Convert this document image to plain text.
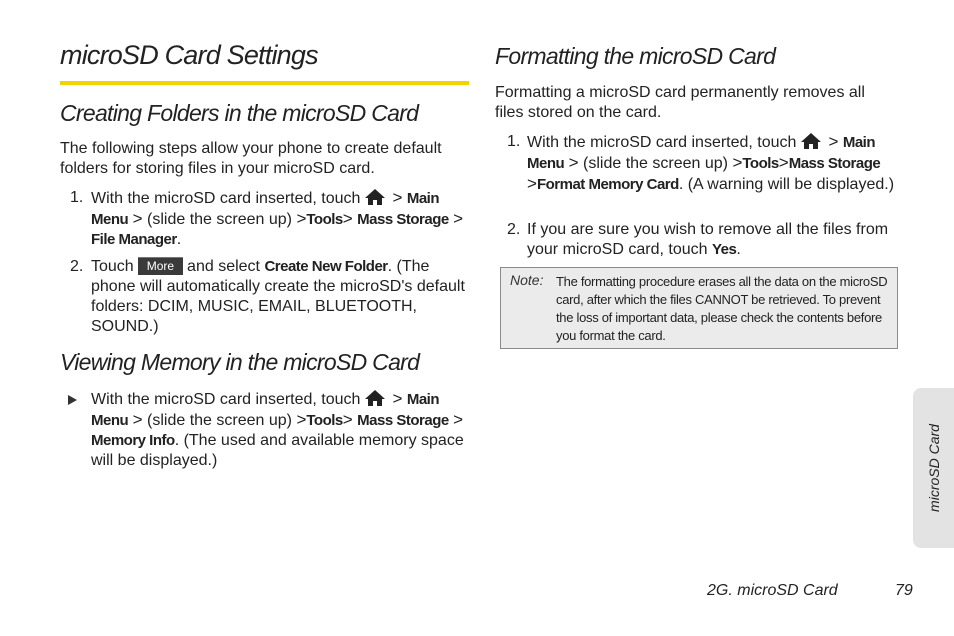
microSD Card Settings
Creating Folders in the microSD Card
The following steps allow your phone to create default folders for storing files in your microSD card.
1. With the microSD card inserted, touch > Main Menu > (slide the screen up) >Tools> Mass Storage > File Manager.
2. Touch More and select Create New Folder. (The phone will automatically create the microSD's default folders: DCIM, MUSIC, EMAIL, BLUETOOTH, SOUND.)
Viewing Memory in the microSD Card
With the microSD card inserted, touch > Main Menu > (slide the screen up) >Tools> Mass Storage > Memory Info. (The used and available memory space will be displayed.)
Formatting the microSD Card
Formatting a microSD card permanently removes all files stored on the card.
1. With the microSD card inserted, touch > Main Menu > (slide the screen up) >Tools>Mass Storage >Format Memory Card. (A warning will be displayed.)
2. If you are sure you wish to remove all the files from your microSD card, touch Yes.
Note: The formatting procedure erases all the data on the microSD card, after which the files CANNOT be retrieved. To prevent the loss of important data, please check the contents before you format the card.
microSD Card
2G. microSD Card	79
